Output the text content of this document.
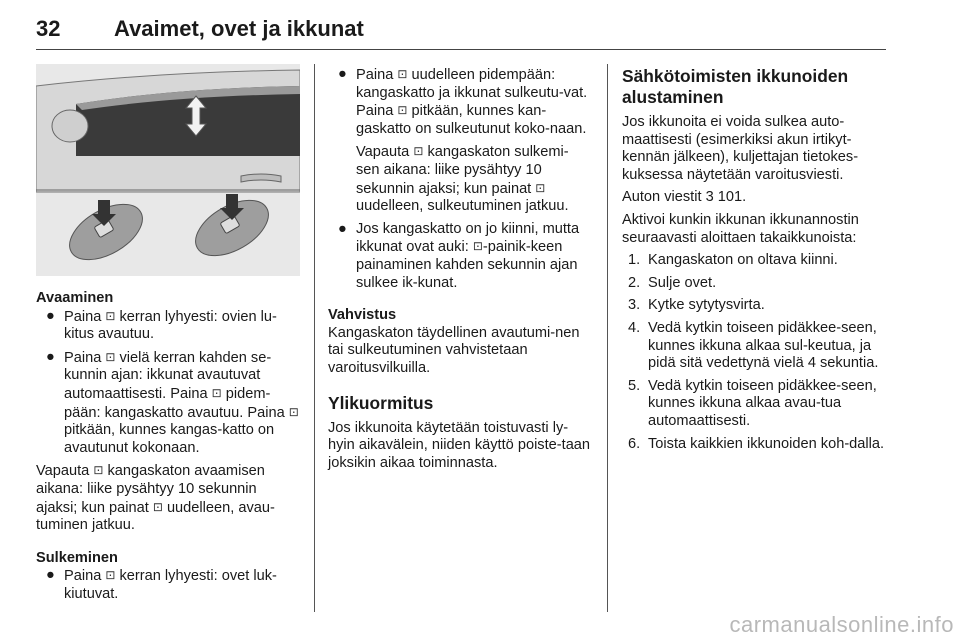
32 Avaimet, ovet ja ikkunat
Avaaminen
● Paina ⊡ kerran lyhyesti: ovien lu-kitus avautuu.
● Paina ⊡ vielä kerran kahden se-kunnin ajan: ikkunat avautuvat automaattisesti. Paina ⊡ pidem-pään: kangaskatto avautuu. Paina ⊡ pitkään, kunnes kangas-katto on avautunut kokonaan.

Vapauta ⊡ kangaskaton avaamisen aikana: liike pysähtyy 10 sekunnin ajaksi; kun painat ⊡ uudelleen, avau-tuminen jatkuu.

Sulkeminen
● Paina ⊡ kerran lyhyesti: ovet luk-kiutuvat.
● Paina ⊡ uudelleen pidempään: kangaskatto ja ikkunat sulkeutu-vat. Paina ⊡ pitkään, kunnes kan-gaskatto on sulkeutunut koko-naan.

Vapauta ⊡ kangaskaton sulkemi-sen aikana: liike pysähtyy 10 sekunnin ajaksi; kun painat ⊡ uudelleen, sulkeutuminen jatkuu.

● Jos kangaskatto on jo kiinni, mutta ikkunat ovat auki: ⊡-painik-keen painaminen kahden sekunnin ajan sulkee ik-kunat.
Vahvistus

Kangaskaton täydellinen avautumi-nen tai sulkeutuminen vahvistetaan varoitusvilkuilla.

Ylikuormitus

Jos ikkunoita käytetään toistuvasti ly-hyin aikavälein, niiden käyttö poiste-taan joksikin aikaa toiminnasta.

Sähkötoimisten ikkunoiden alustaminen

Jos ikkunoita ei voida sulkea auto-maattisesti (esimerkiksi akun irtikyt-kennän jälkeen), kuljettajan tietokes-kuksessa näytetään varoitusviesti.

Auton viestit 3 101.

Aktivoi kunkin ikkunan ikkunannostin seuraavasti aloittaen takaikkunoista:

1. Kangaskaton on oltava kiinni.
2. Sulje ovet.
3. Kytke sytytysvirta.
4. Vedä kytkin toiseen pidäkkee-seen, kunnes ikkuna alkaa sul-keutua, ja pidä sitä vedettynä vielä 4 sekuntia.
5. Vedä kytkin toiseen pidäkkee-seen, kunnes ikkuna alkaa avau-tua automaattisesti.
6. Toista kaikkien ikkunoiden koh-dalla.
carmanualsonline.info
